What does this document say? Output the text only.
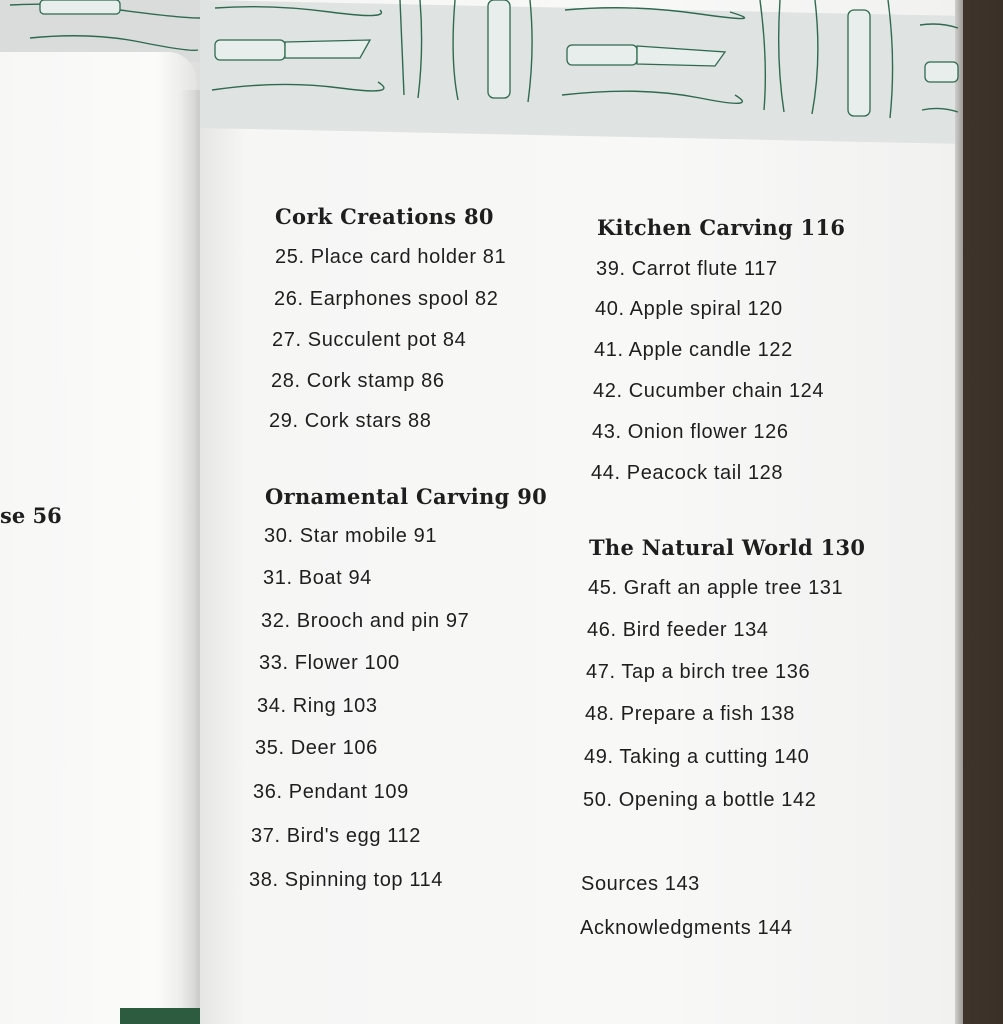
se 56
Cork Creations 80
25. Place card holder 81
26. Earphones spool 82
27. Succulent pot 84
28. Cork stamp 86
29. Cork stars 88
Ornamental Carving 90
30. Star mobile 91
31. Boat 94
32. Brooch and pin 97
33. Flower 100
34. Ring 103
35. Deer 106
36. Pendant 109
37. Bird's egg 112
38. Spinning top 114
Kitchen Carving 116
39. Carrot flute 117
40. Apple spiral 120
41. Apple candle 122
42. Cucumber chain 124
43. Onion flower 126
44. Peacock tail 128
The Natural World 130
45. Graft an apple tree 131
46. Bird feeder 134
47. Tap a birch tree 136
48. Prepare a fish 138
49. Taking a cutting 140
50. Opening a bottle 142
Sources 143
Acknowledgments 144
